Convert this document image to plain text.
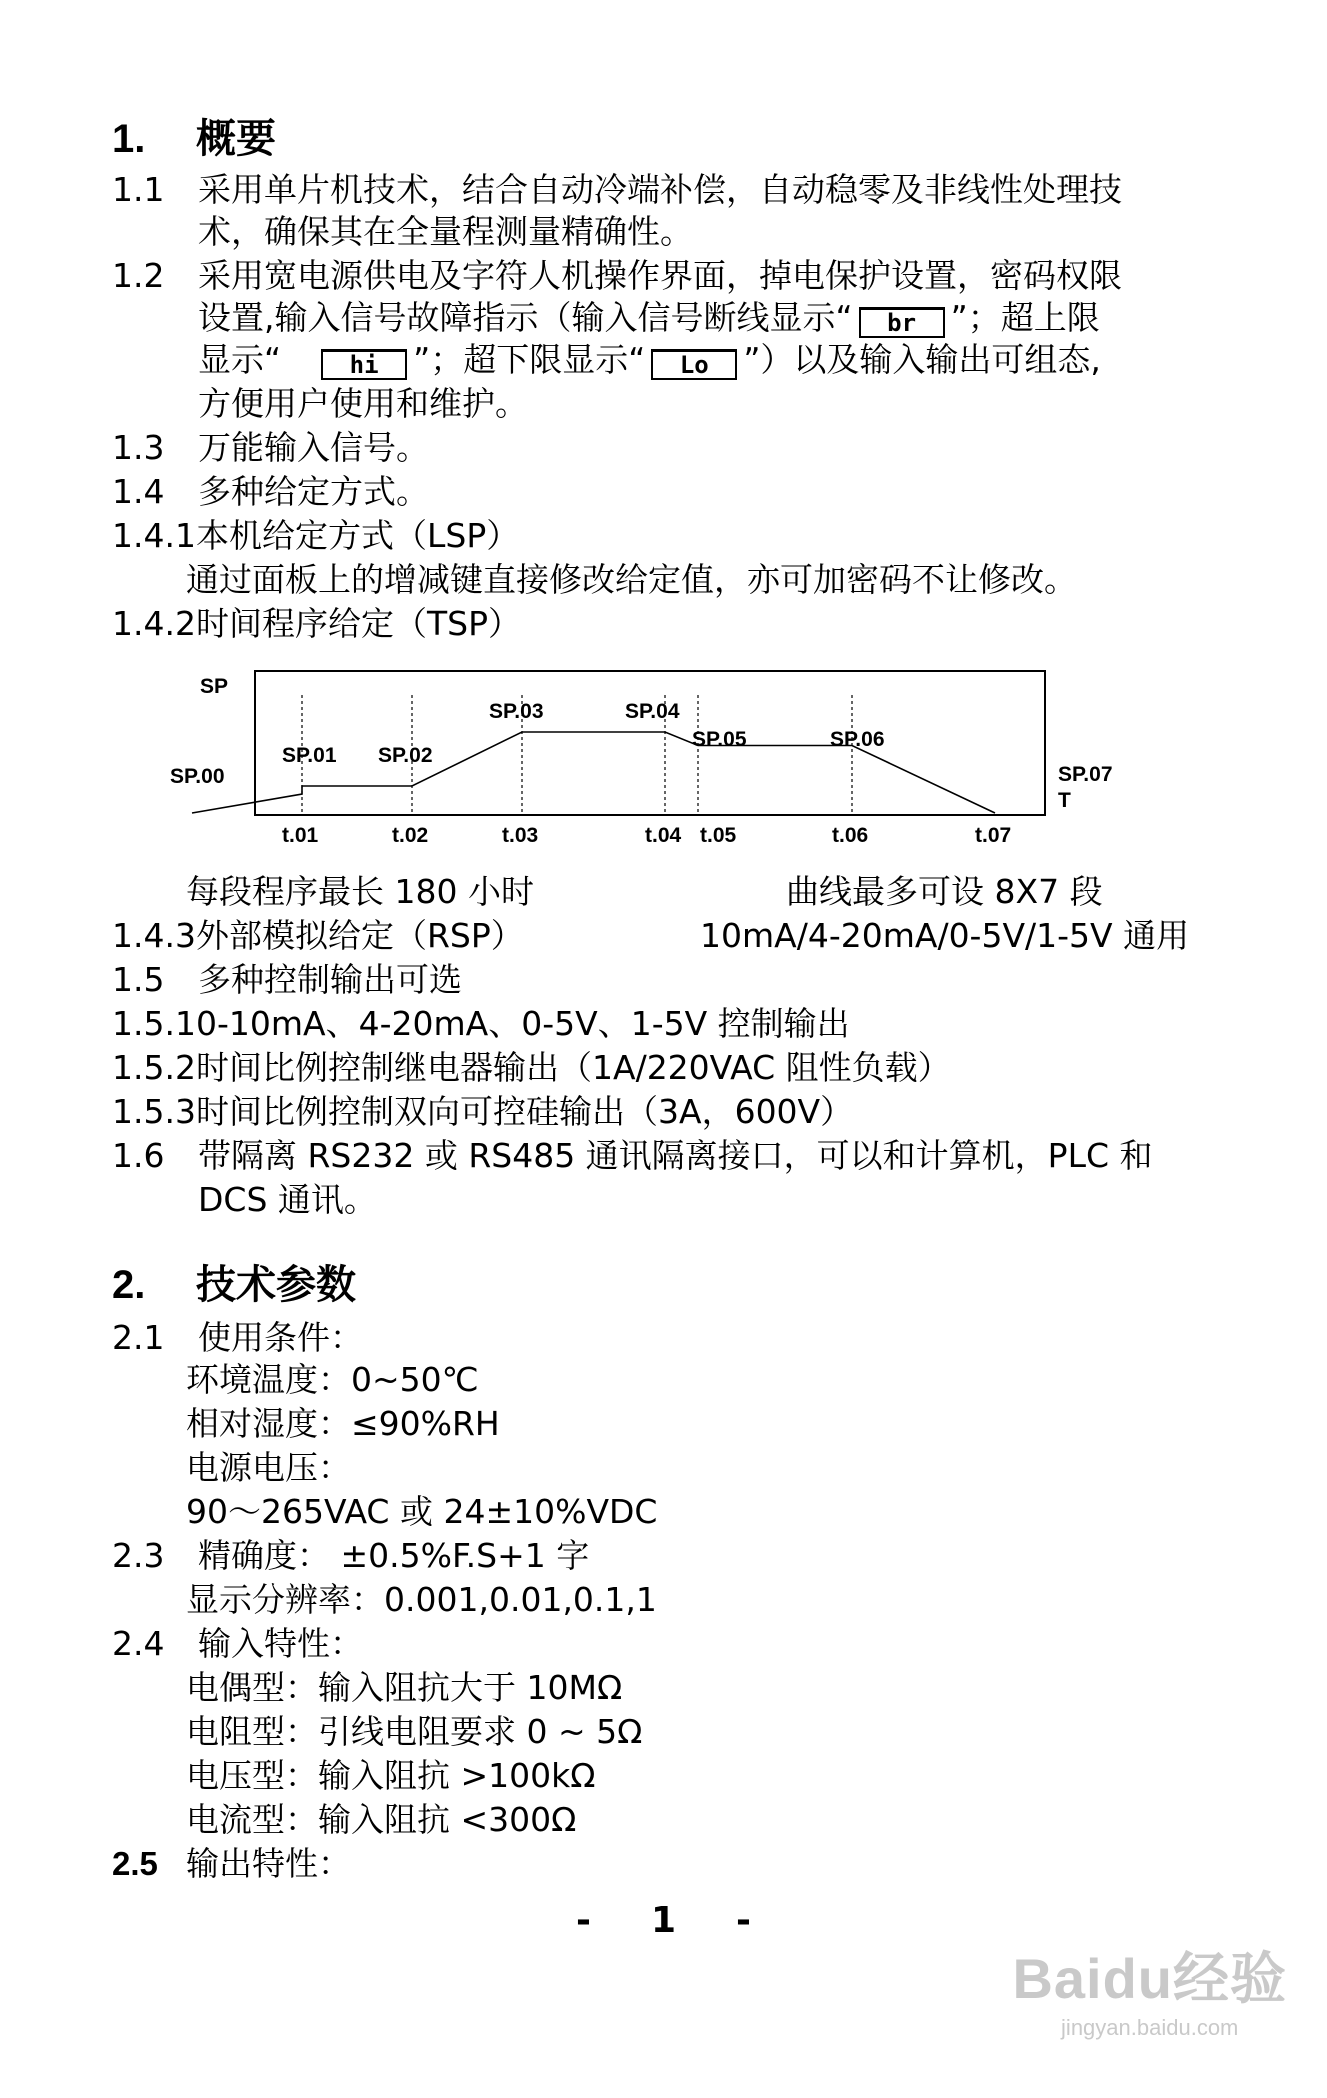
1. 概要
1.1 采用单片机技术，结合自动冷端补偿，自动稳零及非线性处理技
术，确保其在全量程测量精确性。
1.2 采用宽电源供电及字符人机操作界面，掉电保护设置，密码权限
设置,输入信号故障指示（输入信号断线显示“ br ”；超上限
显示“	hi ”；超下限显示“ Lo ”）以及输入输出可组态,
方便用户使用和维护。
1.3 万能输入信号。
1.4 多种给定方式。
1.4.1 本机给定方式（LSP）
通过面板上的增减键直接修改给定值，亦可加密码不让修改。
1.4.2 时间程序给定（TSP）
SP
T
SP.00
SP.01 SP.02
SP.03	SP.04
SP.05	SP.06
SP.07
t.01	t.02	t.03	t.04 t.05	t.06	t.07
每段程序最长 180 小时	曲线最多可设 8X7 段
1.4.3 外部模拟给定（RSP）	10mA/4-20mA/0-5V/1-5V 通用
1.5 多种控制输出可选
1.5.1 0-10mA、4-20mA、0-5V、1-5V 控制输出
1.5.2 时间比例控制继电器输出（1A/220VAC 阻性负载）
1.5.3 时间比例控制双向可控硅输出（3A，600V）
1.6 带隔离 RS232 或 RS485 通讯隔离接口，可以和计算机，PLC 和
DCS 通讯。
2. 技术参数
2.1 使用条件：
环境温度：0~50℃
相对湿度：≤90%RH
电源电压：
90～265VAC 或 24±10%VDC
2.3 精确度： ±0.5%F.S+1 字
显示分辨率：0.001,0.01,0.1,1
2.4 输入特性：
电偶型：输入阻抗大于 10MΩ
电阻型：引线电阻要求 0 ~ 5Ω
电压型：输入阻抗 >100kΩ
电流型：输入阻抗 <300Ω
2.5 输出特性：
- 1 -
Baidu经验
jingyan.baidu.com
